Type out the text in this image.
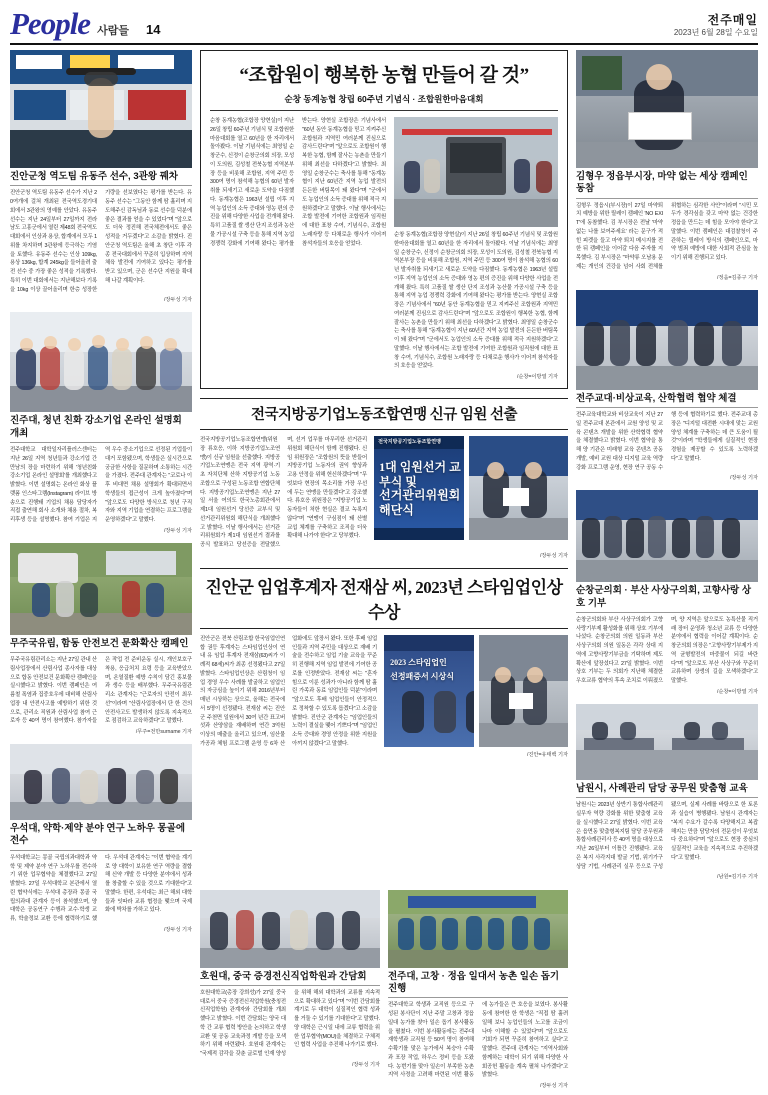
People 사람들 14
전주매일
2023년 6월 28일 수요일
진안군청 역도팀 유동주 선수, 3관왕 꿰차
진안군청 역도팀 유동주 선수가 지난 20여개에 걸쳐 개최된 전국역도경기대회에서 3관왕의 영예를 안았다. 유동주 선수는 지난 24일부터 27일까지 전라남도 고흥군에서 열린 제48회 전국역도대회에서 인상과 용상, 합계에서 모두 1위를 차지하며 3관왕에 등극하는 기염을 토했다. 유동주 선수는 인상 109kg, 용상 136kg, 합계 245kg을 들어올려 출전 선수 중 가장 좋은 성적을 기록했다. 특히 이번 대회에서는 지난해보다 기록을 10kg 이상 끌어올리며 한층 성장한 기량을 선보였다는 평가를 받는다. 유동주 선수는 "그동안 함께 땀 흘리며 지도해주신 감독님과 동료 선수들 덕분에 좋은 결과를 얻을 수 있었다"며 "앞으로도 더욱 정진해 전국체전에서도 좋은 성적을 거두겠다"고 소감을 밝혔다. 진안군청 역도팀은 올해 초 창단 이후 각종 전국대회에서 꾸준히 입상하며 지역 체육 발전에 기여하고 있다는 평가를 받고 있으며, 군은 선수단 지원을 확대해 나갈 계획이다.
/장두성 기자
진주대, 청년 친화 강소기업 온라인 설명회 개최
전주대학교 대학일자리플러스센터는 지난 26일 지역 청년들과 강소기업 간 만남의 장을 마련하기 위해 '청년친화 강소기업 온라인 설명회'를 개최했다고 밝혔다. 이번 설명회는 온라인 화상 플랫폼 인스타그램(Instagram) 라이브 방송으로 진행돼 기업의 채용 담당자가 직접 출연해 회사 소개와 채용 절차, 복리후생 등을 설명했다. 참여 기업은 지역 우수 중소기업으로 선정된 기업들이 대거 포함됐으며, 학생들은 실시간으로 궁금한 사항을 질문하며 소통하는 시간을 가졌다. 전주대 관계자는 "코로나 이후 비대면 채용 설명회가 확대되면서 학생들의 접근성이 크게 높아졌다"며 "앞으로도 다양한 방식으로 청년 구직자와 지역 기업을 연결하는 프로그램을 운영하겠다"고 말했다.
/장두성 기자
무주국유림, 함동 안전보건 문화확산 캠페인
무주국유림관리소는 지난 27일 관내 산림사업장에서 산림사업 종사자를 대상으로 합동 안전보건 문화확산 캠페인을 실시했다고 밝혔다. 이번 캠페인은 여름철 폭염과 집중호우에 대비해 산림사업장 내 안전사고를 예방하기 위한 것으로, 관리소 직원과 산림사업 참여 근로자 등 40여 명이 참여했다. 참가자들은 작업 전 준비운동 실시, 개인보호구 착용, 응급처치 요령 등을 교육받았으며, 온열질환 예방 수칙이 담긴 홍보물과 생수 등을 배부했다. 무주국유림관리소 관계자는 "근로자의 안전이 최우선"이라며 "산림사업장에서 단 한 건의 안전사고도 발생하지 않도록 지속적으로 점검하고 교육하겠다"고 말했다.
/무주=전만surname 기자
우석대, 약학·제약 분야 연구 노하우 몽골에 전수
우석대학교는 몽골 국립의과대학과 약학 및 제약 분야 연구 노하우를 전수하기 위한 업무협약을 체결했다고 27일 밝혔다. 27일 우석대학교 본관에서 열린 협약식에는 우석대 총장과 몽골 국립의과대 관계자 등이 참석했으며, 양 대학은 공동연구 수행과 교수·학생 교류, 학술정보 교환 등에 협력하기로 했다. 우석대 관계자는 "이번 협약을 계기로 양 대학이 보유한 연구 역량을 결합해 신약 개발 등 다양한 분야에서 성과를 창출할 수 있을 것으로 기대한다"고 말했다. 한편, 우석대는 최근 해외 대학들과 잇따라 교류 협정을 맺으며 국제화에 박차를 가하고 있다.
/장두성 기자
“조합원이 행복한 농협 만들어 갈 것”
순창 동계농협 창립 60주년 기념식 · 조합원한마음대회
순창 동계농협(조합장 양현실)이 지난 26일 창립 60주년 기념식 및 조합원한마음대회를 열고 60년을 한 자리에서 돌아봤다. 이날 기념식에는 최영일 순창군수, 신정이 순창군의회 의장, 모성이 도의원, 김성철 전북농협 지역본부장 등을 비롯해 조합원, 지역 주민 등 300여 명이 참석해 농협의 60년 발자취를 되새기고 새로운 도약을 다짐했다. 동계농협은 1963년 설립 이후 지역 농업인의 소득 증대와 영농 편의 증진을 위해 다양한 사업을 전개해 왔다. 특히 고품질 쌀 생산 단지 조성과 농산물 가공시설 구축 등을 통해 지역 농업 경쟁력 강화에 기여해 왔다는 평가를 받는다. 양현실 조합장은 기념사에서 "60년 동안 동계농협을 믿고 지켜주신 조합원과 지역민 여러분께 진심으로 감사드린다"며 "앞으로도 조합원이 행복한 농협, 함께 잘사는 농촌을 만들기 위해 최선을 다하겠다"고 밝혔다. 최영일 순창군수는 축사를 통해 "동계농협이 지난 60년간 지역 농업 발전의 든든한 버팀목이 돼 왔다"며 "군에서도 농업인의 소득 증대를 위해 적극 지원하겠다"고 말했다. 이날 행사에서는 조합 발전에 기여한 조합원과 임직원에 대한 표창 수여, 기념식수, 조합원 노래자랑 등 다채로운 행사가 이어져 참석자들의 호응을 얻었다.
순창 동계농협(조합장 양현실)이 지난 26일 창립 60주년 기념식 및 조합원한마음대회를 열고 60년을 한 자리에서 돌아봤다. 이날 기념식에는 최영일 순창군수, 신정이 순창군의회 의장, 모성이 도의원, 김성철 전북농협 지역본부장 등을 비롯해 조합원, 지역 주민 등 300여 명이 참석해 농협의 60년 발자취를 되새기고 새로운 도약을 다짐했다. 동계농협은 1963년 설립 이후 지역 농업인의 소득 증대와 영농 편의 증진을 위해 다양한 사업을 전개해 왔다. 특히 고품질 쌀 생산 단지 조성과 농산물 가공시설 구축 등을 통해 지역 농업 경쟁력 강화에 기여해 왔다는 평가를 받는다. 양현실 조합장은 기념사에서 "60년 동안 동계농협을 믿고 지켜주신 조합원과 지역민 여러분께 진심으로 감사드린다"며 "앞으로도 조합원이 행복한 농협, 함께 잘사는 농촌을 만들기 위해 최선을 다하겠다"고 밝혔다. 최영일 순창군수는 축사를 통해 "동계농협이 지난 60년간 지역 농업 발전의 든든한 버팀목이 돼 왔다"며 "군에서도 농업인의 소득 증대를 위해 적극 지원하겠다"고 말했다. 이날 행사에서는 조합 발전에 기여한 조합원과 임직원에 대한 표창 수여, 기념식수, 조합원 노래자랑 등 다채로운 행사가 이어져 참석자들의 호응을 얻었다.
/순창=이방열 기자
전국지방공기업노동조합연맹 신규 임원 선출
전국지방공기업노동조합연맹(위원장 류호응, 이하 지방공기업노조연맹)이 신규 임원을 선출했다. 지방공기업노조연맹은 전국 지역 광역·기초 자치단체 산하 지방공기업 노동조합으로 구성된 노동조합 연합단체다. 지방공기업노조연맹은 지난 27일 서울 여의도 한국노총회관에서 제1대 임원선거 당선증 교부식 및 선거관리위원회 해단식을 개최했다고 밝혔다. 이날 행사에서는 선거관리위원회가 제1대 임원선거 결과를 공식 발표하고 당선증을 전달했으며, 선거 업무를 마무리한 선거관리위원회 해단식이 함께 진행됐다. 신임 위원장은 "조합원의 뜻을 받들어 지방공기업 노동자의 권익 향상과 고용 안정을 위해 헌신하겠다"며 "무엇보다 현장의 목소리를 가장 우선에 두는 연맹을 만들겠다"고 강조했다. 류호응 위원장은 "지방공기업 노동자들이 처한 현실은 결코 녹록지 않다"며 "연맹이 구심점이 돼 산별 교섭 체계를 구축하고 조직을 더욱 확대해 나가야 한다"고 당부했다.
전국지방공기업노동조합연맹
1대 임원선거 교부식 및
선거관리위원회 해단식
/장두성 기자
진안군 임업후계자 전재삼 씨, 2023년 스타임업인상 수상
진안군은 전북 산림조합 한국임업인연합 권등 후계자는 스타임업인상이 연내 유 임업 후계자 전재삼(63)씨가 이례적 68세)씨가 최종 선정됐다고 27일 밝혔다. 스타임업인상은 산림청이 임업 경영 우수 사례를 발굴하고 임업인의 자긍심을 높이기 위해 2016년부터 매년 시상하는 상으로, 올해는 전국에서 5명이 선정됐다. 전재삼 씨는 진안군 주천면 일원에서 30여 년간 표고버섯과 산양삼을 재배하며 연간 3억원 이상의 매출을 올리고 있으며, 임산물 가공과 체험 프로그램 운영 등 6차 산업화에도 앞장서 왔다. 또한 후배 임업인들과 지역 주민을 대상으로 재배 기술을 전수하고 임업 기술 교육을 꾸준히 진행해 지역 임업 발전에 기여한 공로를 인정받았다. 전재삼 씨는 "혼자 힘으로 이룬 성과가 아니라 함께 땀 흘린 가족과 동료 임업인들 덕분"이라며 "앞으로도 후배 임업인들이 안정적으로 정착할 수 있도록 돕겠다"고 소감을 밝혔다. 진안군 관계자는 "임업인들의 노력이 결실을 맺어 기쁘다"며 "임업인 소득 증대와 경영 안정을 위한 지원을 아끼지 않겠다"고 말했다.
2023 스타임업인
선정패증서 시상식
/진안=유태백 기자
김형우 정읍부시장, 마약 없는 세상 캠페인 동참
김형우 정읍시(부시장)이 27일 마약퇴치 예방을 위한 릴레이 캠페인 'NO EXIT'에 동참했다. 김 부시장은 전날 '마약 없는 나를 보여주세요' 라는 문구가 적힌 피켓을 들고 마약 퇴치 메시지를 전한 뒤 캠페인을 이어갈 다음 주자를 지목했다. 김 부시장은 "마약류 오남용 문제는 개인의 건강을 넘어 사회 전체를 위협하는 심각한 사안"이라며 "시민 모두가 경각심을 갖고 마약 없는 건강한 정읍을 만드는 데 힘을 모아야 한다"고 말했다. 이번 캠페인은 대검찰청이 주관하는 릴레이 방식의 캠페인으로, 마약 범죄 예방에 대한 사회적 관심을 높이기 위해 진행되고 있다.
/정읍=김종구 기자
전주교대·비상교육, 산학협력 협약 체결
전주교육대학교와 비상교육이 지난 27일 전주교대 본관에서 교원 양성 및 교육 콘텐츠 개발을 위한 산학협력 협약을 체결했다고 밝혔다. 이번 협약을 통해 양 기관은 미래형 교육 콘텐츠 공동 개발, 예비 교원 대상 디지털 교육 역량 강화 프로그램 운영, 현장 연구 공동 수행 등에 협력하기로 했다. 전주교대 총장은 "디지털 대전환 시대에 맞는 교원 양성 체계를 구축하는 데 큰 도움이 될 것"이라며 "학생들에게 실질적인 현장 경험을 제공할 수 있도록 노력하겠다"고 말했다.
/장두성 기자
순창군의회 · 부산 사상구의회, 고향사랑 상호 기부
순창군의회와 부산 사상구의회가 고향사랑기부제 활성화를 위해 상호 기부에 나섰다. 순창군의회 의원 일동과 부산 사상구의회 의원 일동은 각각 상대 지역에 고향사랑기부금을 기탁하며 제도 확산에 앞장섰다고 27일 밝혔다. 이번 상호 기부는 두 의회가 지난해 체결한 우호교류 협약의 후속 조치로 이뤄졌으며, 양 지역은 앞으로도 농특산물 직거래 장터 운영과 청소년 교류 등 다양한 분야에서 협력을 이어갈 계획이다. 순창군의회 의장은 "고향사랑기부제가 지역 균형발전의 마중물이 되길 바란다"며 "앞으로도 부산 사상구와 꾸준히 교류하며 상생의 길을 모색하겠다"고 말했다.
/순창=이방열 기자
남원시, 사례관리 담당 공무원 맞춤형 교육
남원시는 2023년 상반기 통합사례관리 실무자 역량 강화를 위한 맞춤형 교육을 실시했다고 27일 밝혔다. 이번 교육은 읍면동 맞춤형복지팀 담당 공무원과 통합사례관리사 등 40여 명을 대상으로 지난 26일부터 이틀간 진행됐다. 교육은 복지 사각지대 발굴 기법, 위기가구 상담 기법, 사례관리 실무 등으로 구성됐으며, 실제 사례를 바탕으로 한 토론과 실습이 병행됐다. 남원시 관계자는 "복지 수요가 갈수록 다양해지고 복잡해지는 만큼 담당자의 전문성이 무엇보다 중요하다"며 "앞으로도 현장 중심의 실질적인 교육을 지속적으로 추진하겠다"고 말했다.
/남원=김기주 기자
호원대, 중국 증경전신직업학원과 간담회
호원대학교(총장 강희성)가 27일 중국대로서 중국 증경전신직업학원(충칭전신직업학원) 관계자와 간담회를 개최했다고 밝혔다. 이번 간담회는 양국 대학 간 교류 협력 방안을 논의하고 학생 교환 및 공동 교육과정 개발 등을 모색하기 위해 마련됐다. 호원대 관계자는 "국제적 감각을 갖춘 글로벌 인재 양성을 위해 해외 대학과의 교류를 지속적으로 확대하고 있다"며 "이번 간담회를 계기로 두 대학이 실질적인 협력 성과를 거둘 수 있기를 기대한다"고 말했다. 양 대학은 근시일 내에 교류 협력을 위한 업무협약(MOU)을 체결하고 구체적인 협력 사업을 추진해 나가기로 했다.
/장두성 기자
전주대, 고창 · 정읍 일대서 농촌 일손 돕기 진행
전주대학교 학생과 교직원 등으로 구성된 봉사단이 지난 주말 고창과 정읍 일대 농가를 찾아 일손 돕기 봉사활동을 펼쳤다. 이번 봉사활동에는 전주대 재학생과 교직원 등 50여 명이 참여해 수확기를 맞은 농가에서 복숭아 수확과 포장 작업, 하우스 정비 등을 도왔다. 농번기를 맞아 일손이 부족한 농촌 지역 사정을 고려해 마련된 이번 활동에 농가들은 큰 호응을 보였다. 봉사활동에 참여한 한 학생은 "직접 땀 흘려 일해 보니 농업인들의 노고를 조금이나마 이해할 수 있었다"며 "앞으로도 기회가 되면 꾸준히 참여하고 싶다"고 말했다. 전주대 관계자는 "지역사회와 함께하는 대학이 되기 위해 다양한 사회공헌 활동을 계속 펼쳐 나가겠다"고 밝혔다.
/장두성 기자
